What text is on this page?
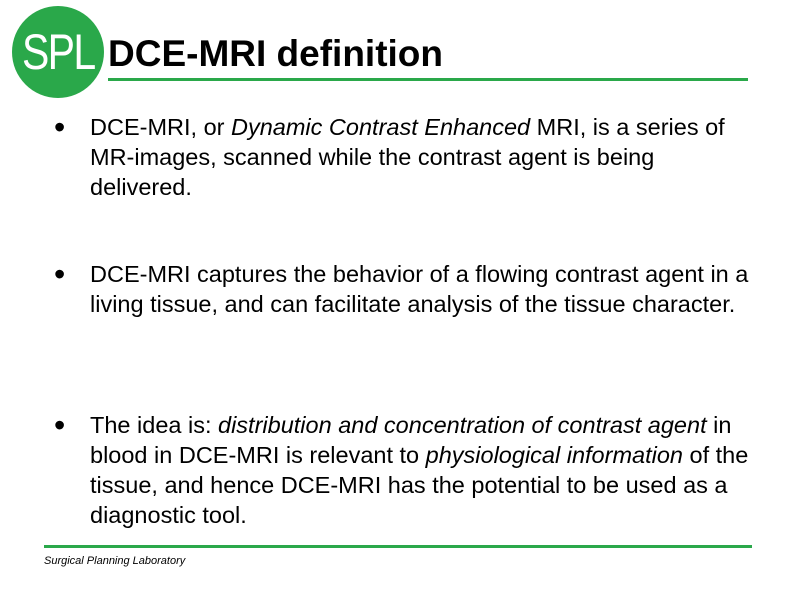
SPL DCE-MRI definition
•	DCE-MRI, or Dynamic Contrast Enhanced MRI, is a series of MR-images, scanned while the contrast agent is being delivered.
•	DCE-MRI captures the behavior of a flowing contrast agent in a living tissue, and can facilitate analysis of the tissue character.
•	The idea is: distribution and concentration of contrast agent in blood in DCE-MRI is relevant to physiological information of the tissue, and hence DCE-MRI has the potential to be used as a diagnostic tool.
Surgical Planning Laboratory
